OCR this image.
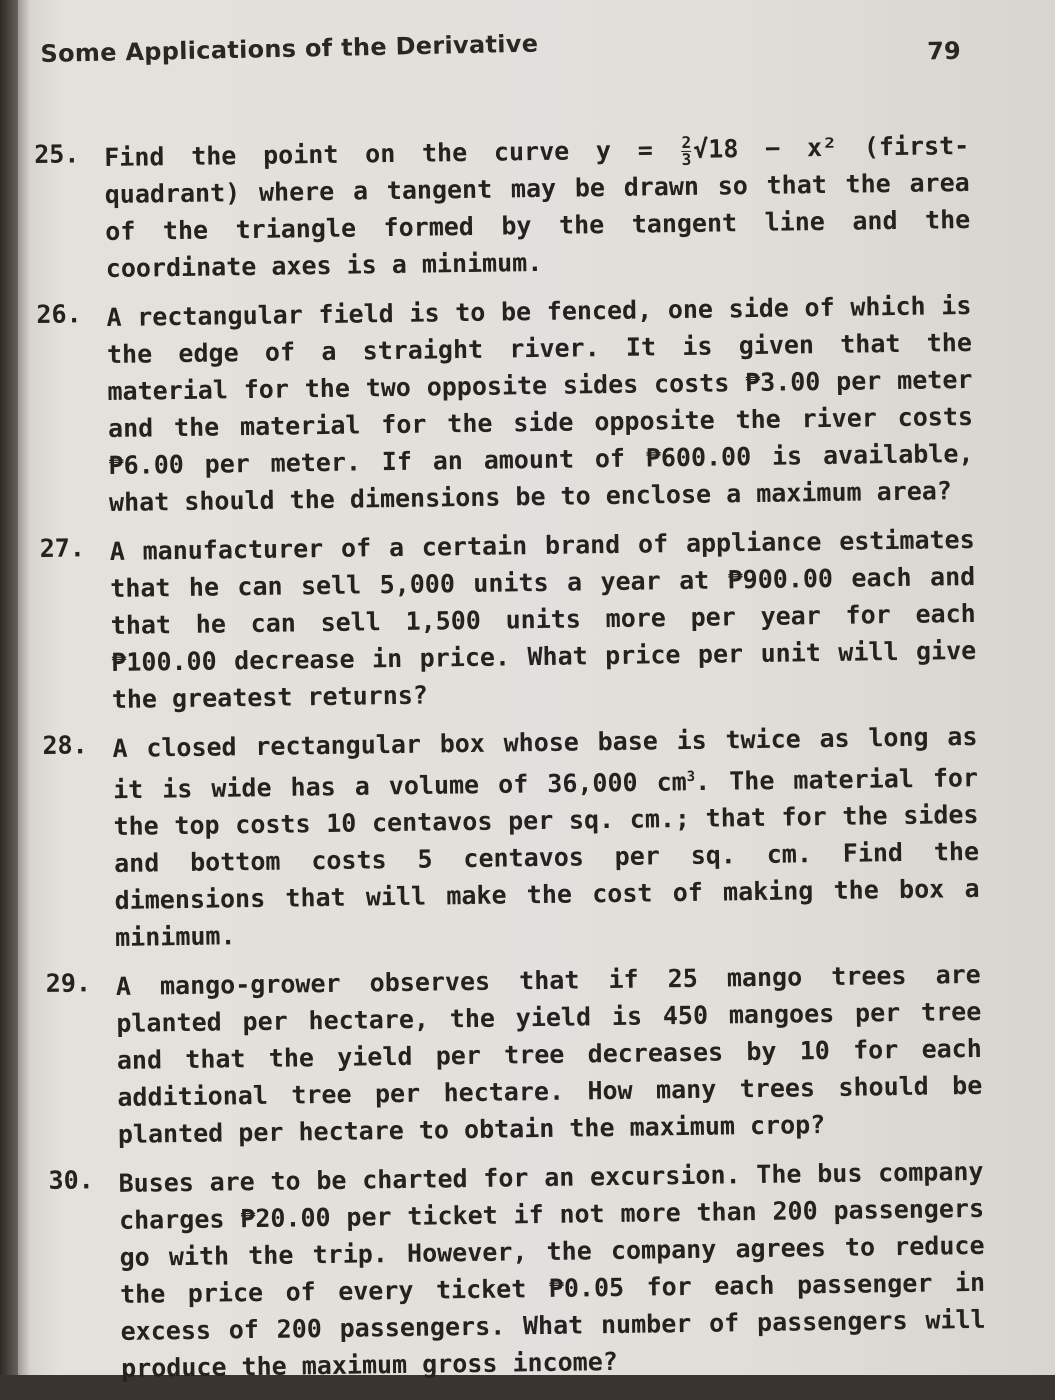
Some Applications of the Derivative	79
25. Find the point on the curve $y = \frac{2}{3} √18 - x^2$ (first-quadrant) where a tangent may be drawn so that the area of the triangle formed by the tangent line and the coordinate axes is a minimum.
26. A rectangular field is to be fenced, one side of which is the edge of a straight river. It is given that the material for the two opposite sides costs ₱3.00 per meter and the material for the side opposite the river costs ₱6.00 per meter. If an amount of ₱600.00 is available, what should the dimensions be to enclose a maximum area?
27. A manufacturer of a certain brand of appliance estimates that he can sell 5,000 units a year at ₱900.00 each and that he can sell 1,500 units more per year for each ₱100.00 decrease in price. What price per unit will give the greatest returns?
28. A closed rectangular box whose base is twice as long as it is wide has a volume of 36,000 $cm^3$. The material for the top costs 10 centavos per sq. cm.; that for the sides and bottom costs 5 centavos per sq. cm. Find the dimensions that will make the cost of making the box a minimum.
29. A mango-grower observes that if 25 mango trees are planted per hectare, the yield is 450 mangoes per tree and that the yield per tree decreases by 10 for each additional tree per hectare. How many trees should be planted per hectare to obtain the maximum crop?
30. Buses are to be charted for an excursion. The bus company charges ₱20.00 per ticket if not more than 200 passengers go with the trip. However, the company agrees to reduce the price of every ticket ₱0.05 for each passenger in excess of 200 passengers. What number of passengers will produce the maximum gross income?
